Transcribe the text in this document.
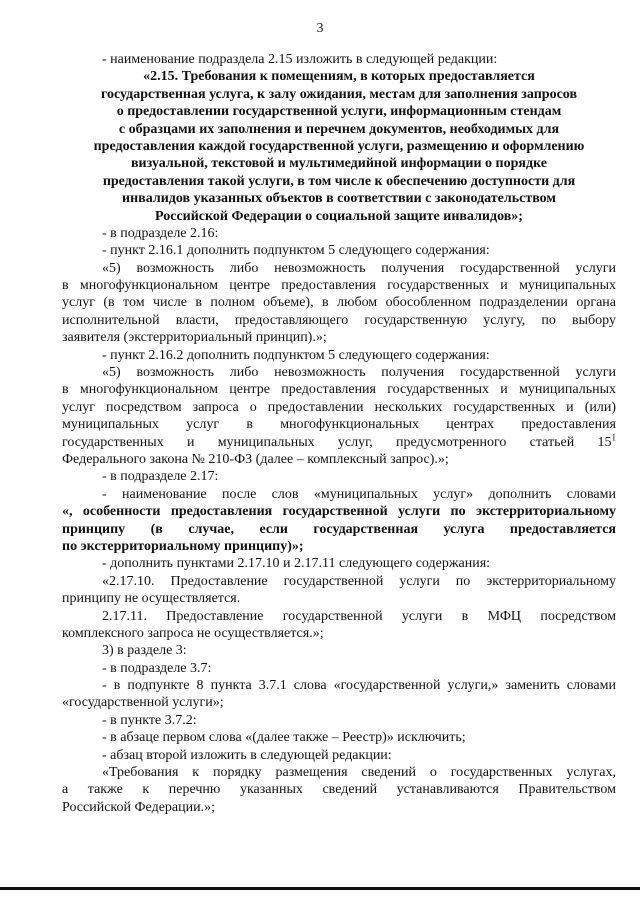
3
- наименование подраздела 2.15 изложить в следующей редакции:
«2.15. Требования к помещениям, в которых предоставляется
государственная услуга, к залу ожидания, местам для заполнения запросов
о предоставлении государственной услуги, информационным стендам
с образцами их заполнения и перечнем документов, необходимых для
предоставления каждой государственной услуги, размещению и оформлению
визуальной, текстовой и мультимедийной информации о порядке
предоставления такой услуги, в том числе к обеспечению доступности для
инвалидов указанных объектов в соответствии с законодательством
Российской Федерации о социальной защите инвалидов»;
- в подразделе 2.16:
- пункт 2.16.1 дополнить подпунктом 5 следующего содержания:
«5) возможность либо невозможность получения государственной услуги
в многофункциональном центре предоставления государственных и муниципальных
услуг (в том числе в полном объеме), в любом обособленном подразделении органа
исполнительной власти, предоставляющего государственную услугу, по выбору
заявителя (экстерриториальный принцип).»;
- пункт 2.16.2 дополнить подпунктом 5 следующего содержания:
«5) возможность либо невозможность получения государственной услуги
в многофункциональном центре предоставления государственных и муниципальных
услуг посредством запроса о предоставлении нескольких государственных и (или)
муниципальных услуг в многофункциональных центрах предоставления
государственных и муниципальных услуг, предусмотренного статьей $15^1$
Федерального закона № 210-ФЗ (далее – комплексный запрос).»;
- в подразделе 2.17:
- наименование после слов «муниципальных услуг» дополнить словами
«, особенности предоставления государственной услуги по экстерриториальному
принципу (в случае, если государственная услуга предоставляется
по экстерриториальному принципу)»;
- дополнить пунктами 2.17.10 и 2.17.11 следующего содержания:
«2.17.10. Предоставление государственной услуги по экстерриториальному
принципу не осуществляется.
2.17.11. Предоставление государственной услуги в МФЦ посредством
комплексного запроса не осуществляется.»;
3) в разделе 3:
- в подразделе 3.7:
- в подпункте 8 пункта 3.7.1 слова «государственной услуги,» заменить словами
«государственной услуги»;
- в пункте 3.7.2:
- в абзаце первом слова «(далее также – Реестр)» исключить;
- абзац второй изложить в следующей редакции:
«Требования к порядку размещения сведений о государственных услугах,
а также к перечню указанных сведений устанавливаются Правительством
Российской Федерации.»;
